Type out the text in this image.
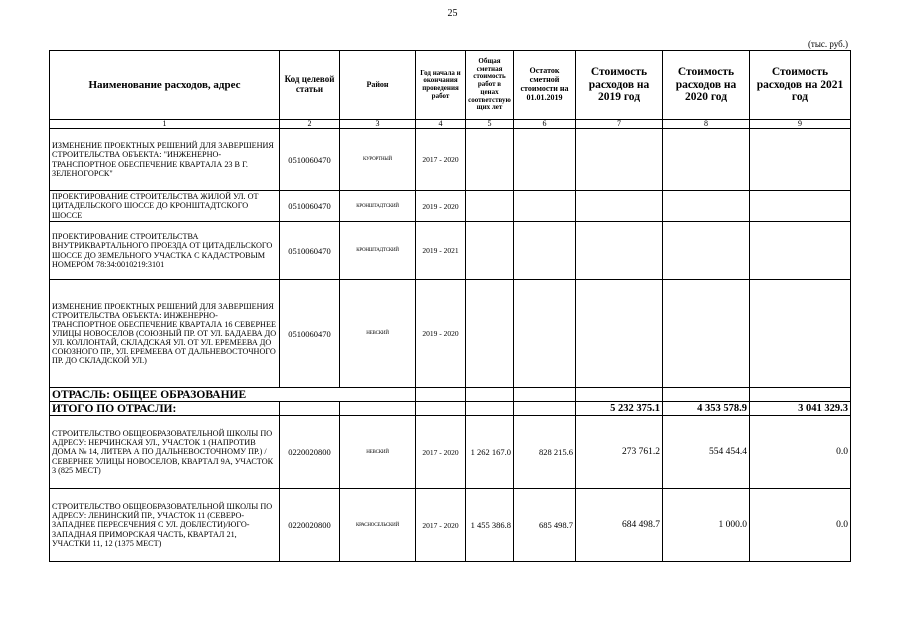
25
(тыс. руб.)
Наименование расходов, адрес	Код целевой статьи	Район	Год начала и окончания проведения работ	Общая сметная стоимость работ в ценах соответствую щих лет	Остаток сметной стоимости на 01.01.2019	Стоимость расходов на 2019 год	Стоимость расходов на 2020 год	Стоимость расходов на 2021 год
1	2	3	4	5	6	7	8	9
ИЗМЕНЕНИЕ ПРОЕКТНЫХ РЕШЕНИЙ ДЛЯ ЗАВЕРШЕНИЯ СТРОИТЕЛЬСТВА ОБЪЕКТА: "ИНЖЕНЕРНО-ТРАНСПОРТНОЕ ОБЕСПЕЧЕНИЕ КВАРТАЛА 23 В Г. ЗЕЛЕНОГОРСК"	0510060470	КУРОРТНЫЙ	2017 - 2020					
ПРОЕКТИРОВАНИЕ СТРОИТЕЛЬСТВА ЖИЛОЙ УЛ. ОТ ЦИТАДЕЛЬСКОГО ШОССЕ ДО КРОНШТАДТСКОГО ШОССЕ	0510060470	КРОНШТАДТСКИЙ	2019 - 2020					
ПРОЕКТИРОВАНИЕ СТРОИТЕЛЬСТВА ВНУТРИКВАРТАЛЬНОГО ПРОЕЗДА ОТ ЦИТАДЕЛЬСКОГО ШОССЕ ДО ЗЕМЕЛЬНОГО УЧАСТКА С КАДАСТРОВЫМ НОМЕРОМ 78:34:0010219:3101	0510060470	КРОНШТАДТСКИЙ	2019 - 2021					
ИЗМЕНЕНИЕ ПРОЕКТНЫХ РЕШЕНИЙ ДЛЯ ЗАВЕРШЕНИЯ СТРОИТЕЛЬСТВА ОБЪЕКТА: ИНЖЕНЕРНО-ТРАНСПОРТНОЕ ОБЕСПЕЧЕНИЕ КВАРТАЛА 16 СЕВЕРНЕЕ УЛИЦЫ НОВОСЕЛОВ (СОЮЗНЫЙ ПР. ОТ УЛ. БАДАЕВА ДО УЛ. КОЛЛОНТАЙ, СКЛАДСКАЯ УЛ. ОТ УЛ. ЕРЕМЕЕВА ДО СОЮЗНОГО ПР., УЛ. ЕРЕМЕЕВА ОТ ДАЛЬНЕВОСТОЧНОГО ПР. ДО СКЛАДСКОЙ УЛ.)	0510060470	НЕВСКИЙ	2019 - 2020					
ОТРАСЛЬ: ОБЩЕЕ ОБРАЗОВАНИЕ								
ИТОГО ПО ОТРАСЛИ:						5 232 375.1	4 353 578.9	3 041 329.3
СТРОИТЕЛЬСТВО ОБЩЕОБРАЗОВАТЕЛЬНОЙ ШКОЛЫ ПО АДРЕСУ: НЕРЧИНСКАЯ УЛ., УЧАСТОК 1 (НАПРОТИВ ДОМА № 14, ЛИТЕРА А ПО ДАЛЬНЕВОСТОЧНОМУ ПР.) / СЕВЕРНЕЕ УЛИЦЫ НОВОСЕЛОВ, КВАРТАЛ 9А, УЧАСТОК 3 (825 МЕСТ)	0220020800	НЕВСКИЙ	2017 - 2020	1 262 167.0	828 215.6	273 761.2	554 454.4	0.0
СТРОИТЕЛЬСТВО ОБЩЕОБРАЗОВАТЕЛЬНОЙ ШКОЛЫ ПО АДРЕСУ: ЛЕНИНСКИЙ ПР., УЧАСТОК 11 (СЕВЕРО-ЗАПАДНЕЕ ПЕРЕСЕЧЕНИЯ С УЛ. ДОБЛЕСТИ)/ЮГО-ЗАПАДНАЯ ПРИМОРСКАЯ ЧАСТЬ, КВАРТАЛ 21, УЧАСТКИ 11, 12 (1375 МЕСТ)	0220020800	КРАСНОСЕЛЬСКИЙ	2017 - 2020	1 455 386.8	685 498.7	684 498.7	1 000.0	0.0
